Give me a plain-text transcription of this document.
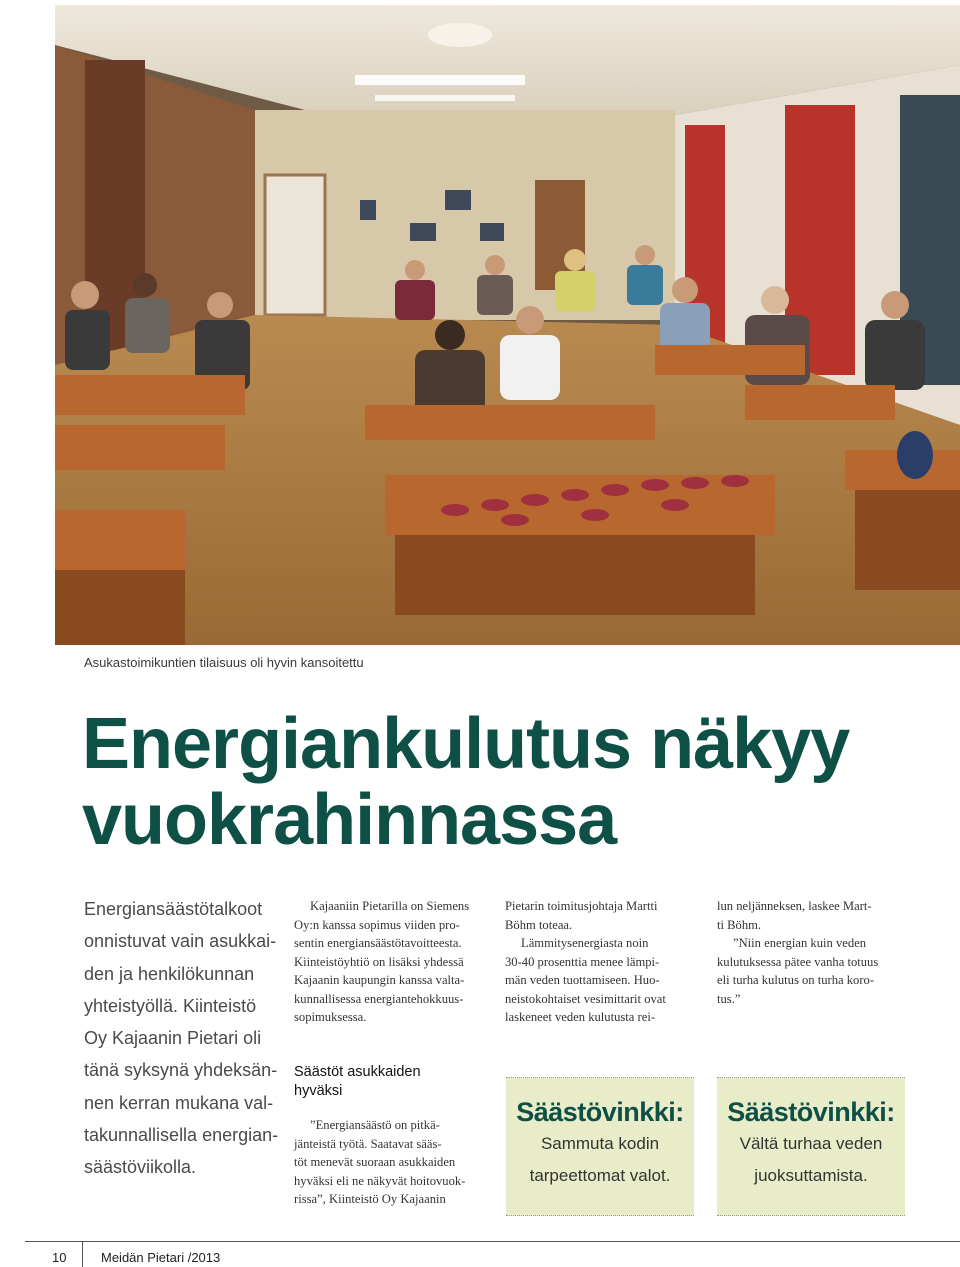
Asukastoimikuntien tilaisuus oli hyvin kansoitettu
Energiankulutus näkyy
vuokrahinnassa
Energiansäästötalkoot
onnistuvat vain asukkai-
den ja henkilökunnan
yhteistyöllä. Kiinteistö
Oy Kajaanin Pietari oli
tänä syksynä yhdeksän-
nen kerran mukana val-
takunnallisella energian-
säästöviikolla.
Kajaaniin Pietarilla on Siemens
Oy:n kanssa sopimus viiden pro-
sentin energiansäästötavoitteesta.
Kiinteistöyhtiö on lisäksi yhdessä
Kajaanin kaupungin kanssa valta-
kunnallisessa energiantehokkuus-
sopimuksessa.
Säästöt asukkaiden
hyväksi
”Energiansäästö on pitkä-
jänteistä työtä. Saatavat sääs-
töt menevät suoraan asukkaiden
hyväksi eli ne näkyvät hoitovuok-
rissa”, Kiinteistö Oy Kajaanin
Pietarin toimitusjohtaja Martti
Böhm toteaa.
Lämmitysenergiasta noin
30-40 prosenttia menee lämpi-
män veden tuottamiseen. Huo-
neistokohtaiset vesimittarit ovat
laskeneet veden kulutusta rei-
lun neljänneksen, laskee Mart-
ti Böhm.
”Niin energian kuin veden
kulutuksessa pätee vanha totuus
eli turha kulutus on turha koro-
tus.”
Säästövinkki:
Sammuta kodin
tarpeettomat valot.
Säästövinkki:
Vältä turhaa veden
juoksuttamista.
10	Meidän Pietari /2013
